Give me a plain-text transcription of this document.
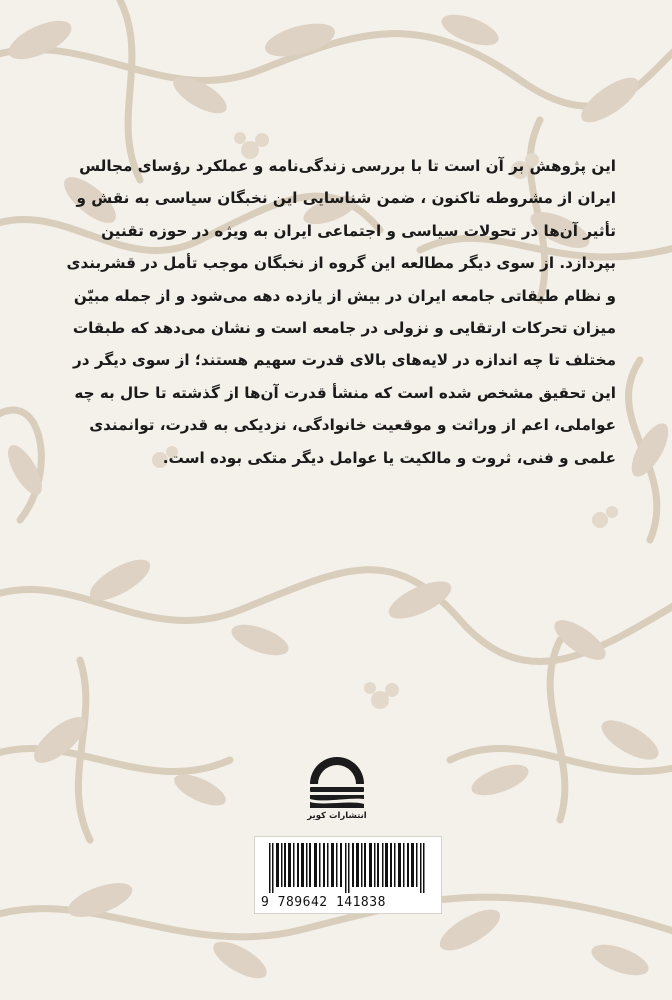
این پژوهش بر آن است تا با بررسی زندگی‌نامه و عملکرد رؤسای مجالس
ایران از مشروطه تاکنون ، ضمن شناسایی این نخبگان سیاسی به نقش و
تأثیر آن‌ها در تحولات سیاسی و اجتماعی ایران به ویژه در حوزه تقنین
بپردازد. از سوی دیگر مطالعه این گروه از نخبگان موجب تأمل در قشربندی
و نظام طبقاتی جامعه ایران در بیش از یازده دهه می‌شود و از جمله مبیّن
میزان تحرکات ارتقایی و نزولی در جامعه است و نشان می‌دهد که طبقات
مختلف تا چه اندازه در لایه‌های بالای قدرت سهیم هستند؛ از سوی دیگر در
این تحقیق مشخص شده است که منشأ قدرت آن‌ها از گذشته تا حال به چه
عواملی، اعم از وراثت و موقعیت خانوادگی، نزدیکی به قدرت، توانمندی
علمی و فنی، ثروت و مالکیت یا عوامل دیگر متکی بوده است.
انتشارات کویر
9 789642 141838
